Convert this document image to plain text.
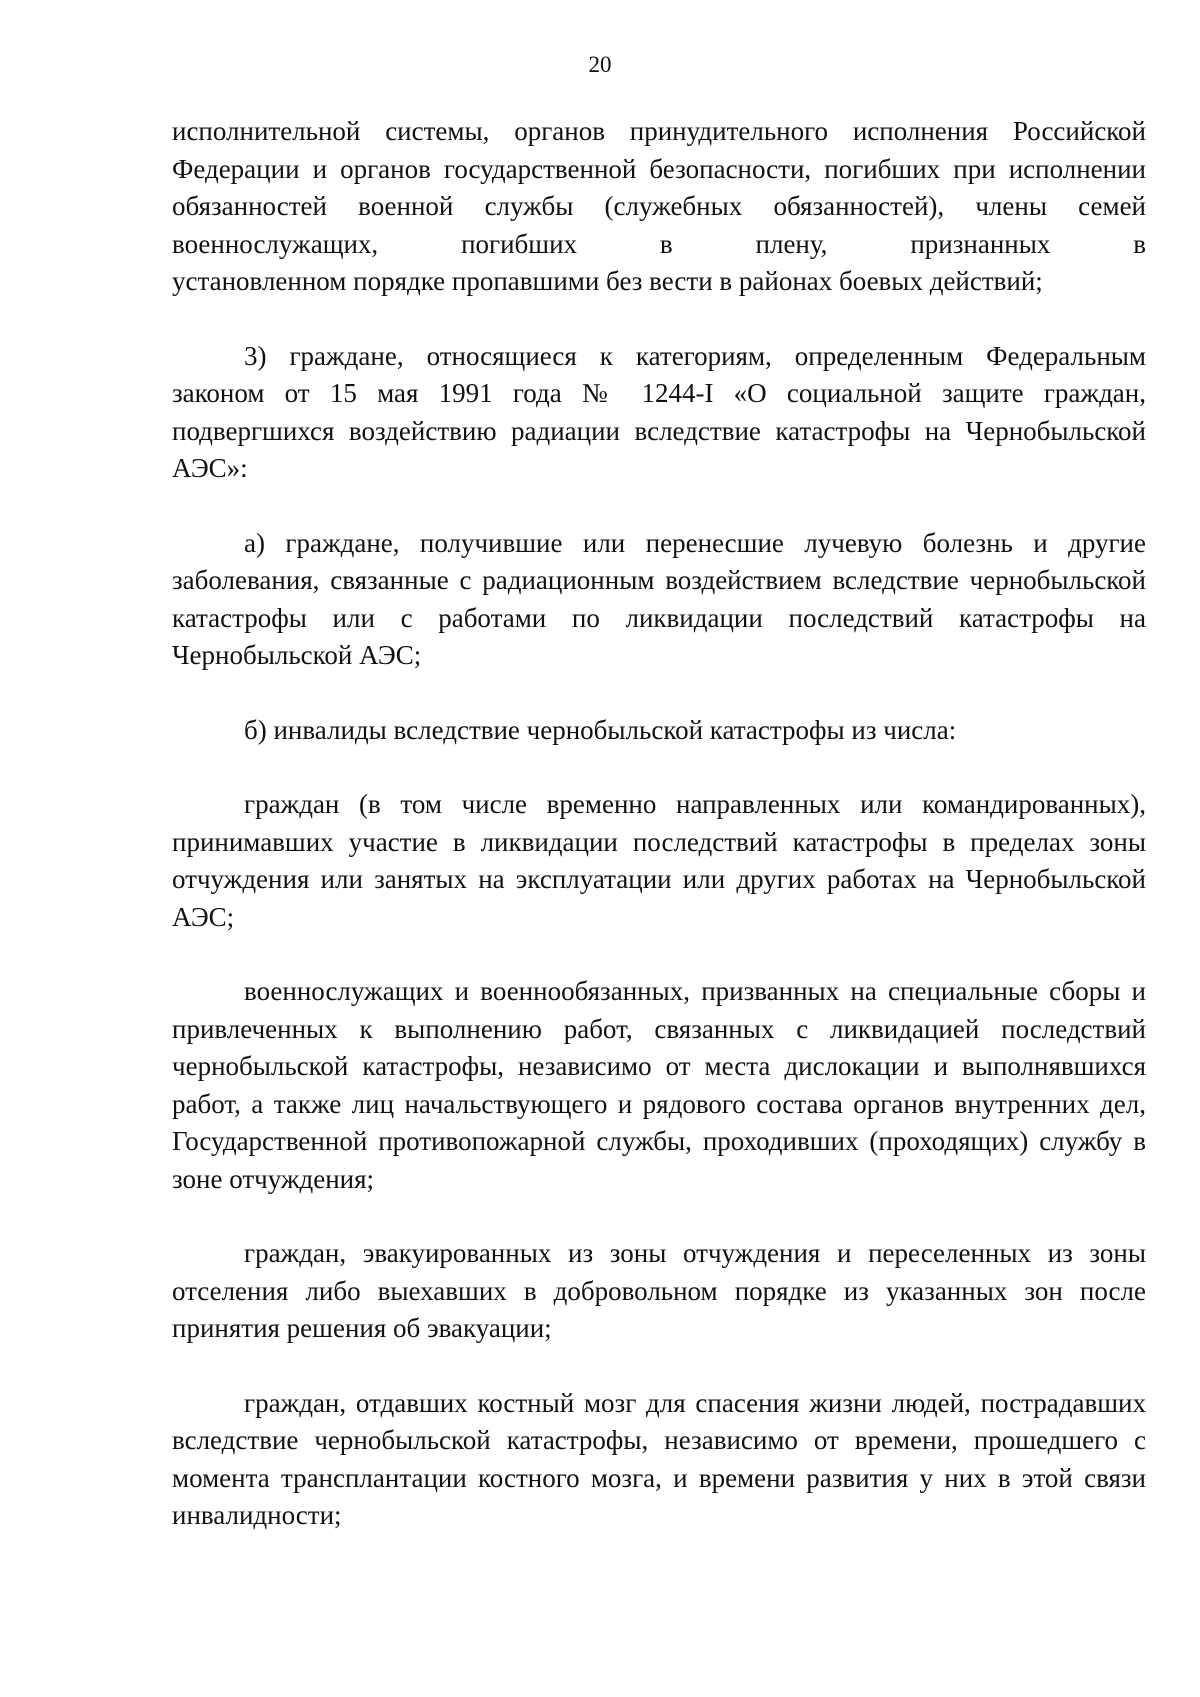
20

исполнительной системы, органов принудительного исполнения Российской Федерации и органов государственной безопасности, погибших при исполнении обязанностей военной службы (служебных обязанностей), члены семей военнослужащих, погибших в плену, признанных в

установленном порядке пропавшими без вести в районах боевых действий;

3) граждане, относящиеся к категориям, определенным Федеральным законом от 15 мая 1991 года № 1244-I «О социальной защите граждан, подвергшихся воздействию радиации вследствие катастрофы на Чернобыльской АЭС»:

а) граждане, получившие или перенесшие лучевую болезнь и другие заболевания, связанные с радиационным воздействием вследствие чернобыльской катастрофы или с работами по ликвидации последствий катастрофы на Чернобыльской АЭС;

б) инвалиды вследствие чернобыльской катастрофы из числа:

граждан (в том числе временно направленных или командированных), принимавших участие в ликвидации последствий катастрофы в пределах зоны отчуждения или занятых на эксплуатации или других работах на Чернобыльской АЭС;

военнослужащих и военнообязанных, призванных на специальные сборы и привлеченных к выполнению работ, связанных с ликвидацией последствий чернобыльской катастрофы, независимо от места дислокации и выполнявшихся работ, а также лиц начальствующего и рядового состава органов внутренних дел, Государственной противопожарной службы, проходивших (проходящих) службу в зоне отчуждения;

граждан, эвакуированных из зоны отчуждения и переселенных из зоны отселения либо выехавших в добровольном порядке из указанных зон после принятия решения об эвакуации;

граждан, отдавших костный мозг для спасения жизни людей, пострадавших вследствие чернобыльской катастрофы, независимо от времени, прошедшего с момента трансплантации костного мозга, и времени развития у них в этой связи инвалидности;
